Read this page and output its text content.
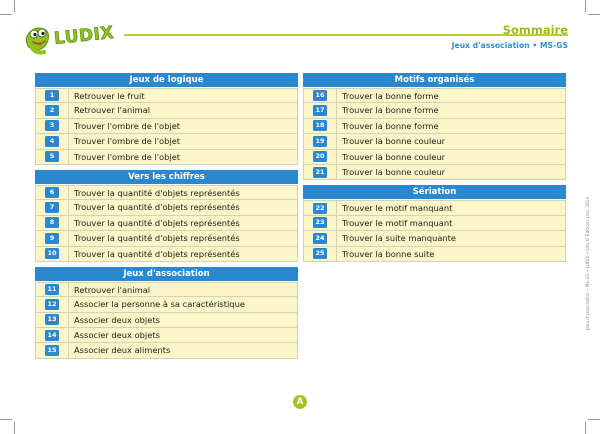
LUDIX	Sommaire
Jeux d'association • MS-GS
Jeux de logique
1	Retrouver le fruit
2	Retrouver l'animal
3	Trouver l'ombre de l'objet
4	Trouver l'ombre de l'objet
5	Trouver l'ombre de l'objet
Vers les chiffres
6	Trouver la quantité d'objets représentés
7	Trouver la quantité d'objets représentés
8	Trouver la quantité d'objets représentés
9	Trouver la quantité d'objets représentés
10	Trouver la quantité d'objets représentés
Jeux d'association
11	Retrouver l'animal
12	Associer la personne à sa caractéristique
13	Associer deux objets
14	Associer deux objets
15	Associer deux aliments
Motifs organisés
16	Trouver la bonne forme
17	Trouver la bonne forme
18	Trouver la bonne forme
19	Trouver la bonne couleur
20	Trouver la bonne couleur
21	Trouver la bonne couleur
Sériation
22	Trouver le motif manquant
23	Trouver le motif manquant
24	Trouver la suite manquante
25	Trouver la bonne suite
A
Jeux d'association • MS-GS • LUDIX • Lito © Éditions Lito, 2014
